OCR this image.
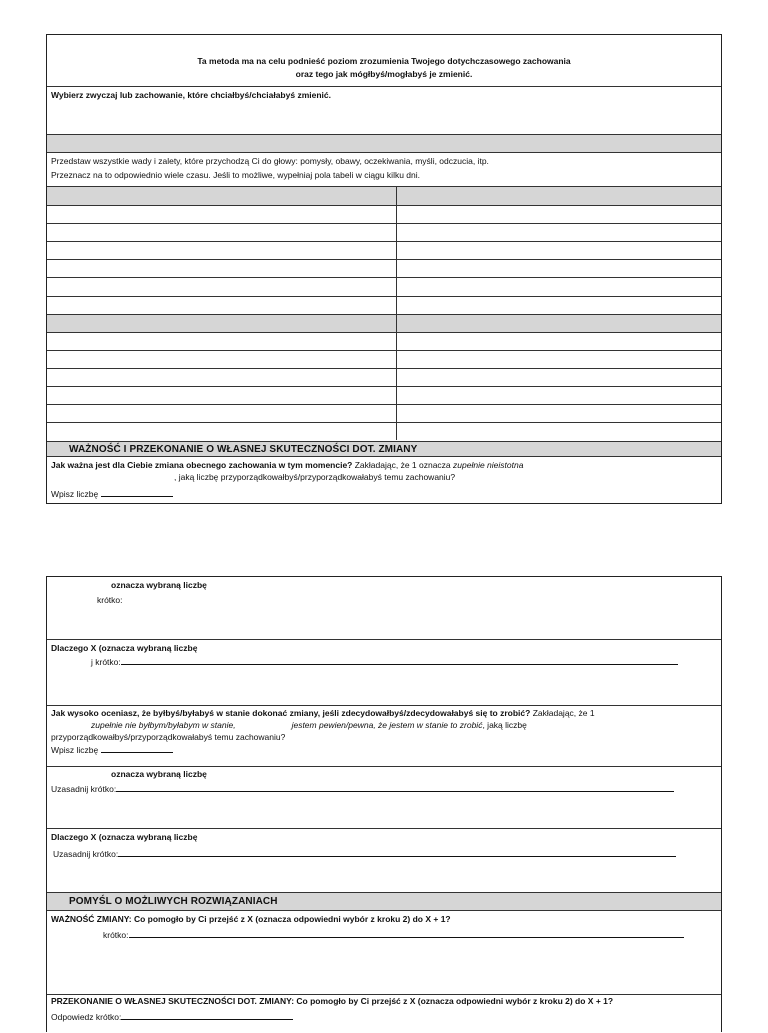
Ta metoda ma na celu podnieść poziom zrozumienia Twojego dotychczasowego zachowania
oraz tego jak mógłbyś/mogłabyś je zmienić.
Wybierz zwyczaj lub zachowanie, które chciałbyś/chciałabyś zmienić.
Przedstaw wszystkie wady i zalety, które przychodzą Ci do głowy: pomysły, obawy, oczekiwania, myśli, odczucia, itp.
Przeznacz na to odpowiednio wiele czasu. Jeśli to możliwe, wypełniaj pola tabeli w ciągu kilku dni.
WAŻNOŚĆ I PRZEKONANIE O WŁASNEJ SKUTECZNOŚCI DOT. ZMIANY
Jak ważna jest dla Ciebie zmiana obecnego zachowania w tym momencie? Zakładając, że 1 oznacza zupełnie nieistotna
, jaką liczbę przyporządkowałbyś/przyporządkowałabyś temu zachowaniu?
Wpisz liczbę
oznacza wybraną liczbę
krótko:
Dlaczego X (oznacza wybraną liczbę
j krótko:
Jak wysoko oceniasz, że byłbyś/byłabyś w stanie dokonać zmiany, jeśli zdecydowałbyś/zdecydowałabyś się to zrobić? Zakładając, że 1
zupełnie nie byłbym/byłabym w stanie,	jestem pewien/pewna, że jestem w stanie to zrobić, jaką liczbę
przyporządkowałbyś/przyporządkowałabyś temu zachowaniu?
Wpisz liczbę
oznacza wybraną liczbę
Uzasadnij krótko:
Dlaczego X (oznacza wybraną liczbę
Uzasadnij krótko:
POMYŚL O MOŻLIWYCH ROZWIĄZANIACH
WAŻNOŚĆ ZMIANY: Co pomogło by Ci przejść z X (oznacza odpowiedni wybór z kroku 2) do X + 1?
krótko:
PRZEKONANIE O WŁASNEJ SKUTECZNOŚCI DOT. ZMIANY: Co pomogło by Ci przejść z X (oznacza odpowiedni wybór z kroku 2) do X + 1?
Odpowiedz krótko:
